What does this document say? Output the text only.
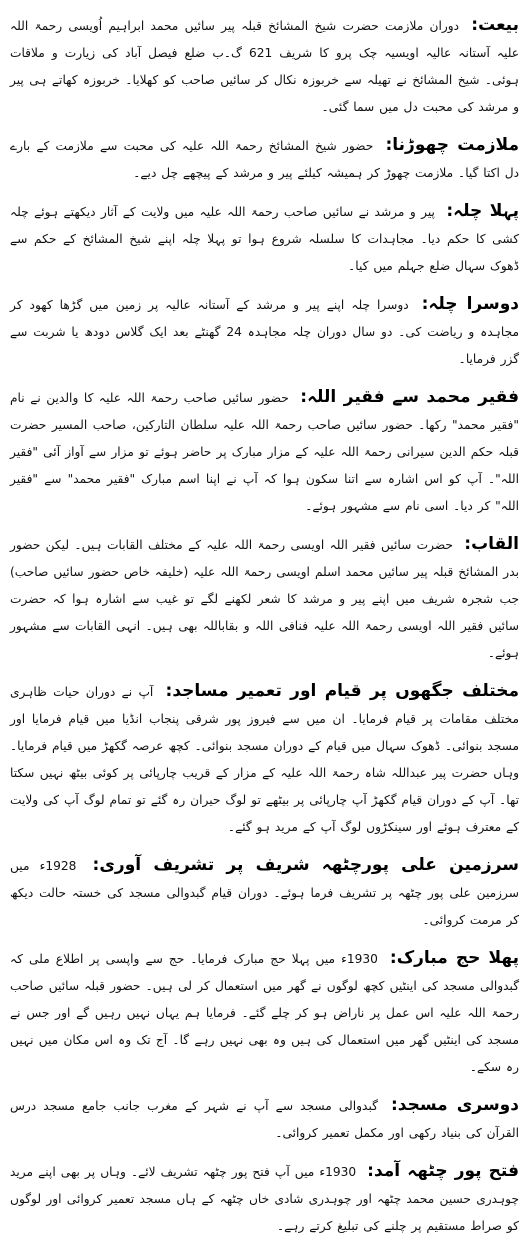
بیعت: دوران ملازمت حضرت شیخ المشائخ قبلہ پیر سائیں محمد ابراہیم اُویسی رحمۃ اللہ علیہ آستانہ عالیہ اویسیہ چک پرو کا شریف 621 گ۔ب ضلع فیصل آباد کی زیارت و ملاقات ہوئی۔ شیخ المشائخ نے تھیلہ سے خربوزہ نکال کر سائیں صاحب کو کھلایا۔ خربوزہ کھاتے ہی پیر و مرشد کی محبت دل میں سما گئی۔

ملازمت چھوڑنا: حضور شیخ المشائخ رحمۃ اللہ علیہ کی محبت سے ملازمت کے بارے دل اکتا گیا۔ ملازمت چھوڑ کر ہمیشہ کیلئے پیر و مرشد کے پیچھے چل دیے۔

پہلا چلہ: پیر و مرشد نے سائیں صاحب رحمۃ اللہ علیہ میں ولایت کے آثار دیکھتے ہوئے چلہ کشی کا حکم دیا۔ مجاہدات کا سلسلہ شروع ہوا تو پہلا چلہ اپنے شیخ المشائخ کے حکم سے ڈھوک سہال ضلع جہلم میں کیا۔

دوسرا چلہ: دوسرا چلہ اپنے پیر و مرشد کے آستانہ عالیہ پر زمین میں گڑھا کھود کر مجاہدہ و ریاضت کی۔ دو سال دوران چلہ مجاہدہ 24 گھنٹے بعد ایک گلاس دودھ یا شربت سے گزر فرمایا۔

فقیر محمد سے فقیر اللہ: حضور سائیں صاحب رحمۃ اللہ علیہ کا والدین نے نام "فقیر محمد" رکھا۔ حضور سائیں صاحب رحمۃ اللہ علیہ سلطان التارکین، صاحب المسیر حضرت قبلہ حکم الدین سیرانی رحمۃ اللہ علیہ کے مزار مبارک پر حاضر ہوئے تو مزار سے آواز آئی "فقیر اللہ"۔ آپ کو اس اشارہ سے اتنا سکون ہوا کہ آپ نے اپنا اسم مبارک "فقیر محمد" سے "فقیر اللہ" کر دیا۔ اسی نام سے مشہور ہوئے۔

القاب: حضرت سائیں فقیر اللہ اویسی رحمۃ اللہ علیہ کے مختلف القابات ہیں۔ لیکن حضور بدر المشائخ قبلہ پیر سائیں محمد اسلم اویسی رحمۃ اللہ علیہ (خلیفہ خاص حضور سائیں صاحب) جب شجرہ شریف میں اپنے پیر و مرشد کا شعر لکھنے لگے تو غیب سے اشارہ ہوا کہ حضرت سائیں فقیر اللہ اویسی رحمۃ اللہ علیہ فنافی اللہ و بقاباللہ بھی ہیں۔ انہی القابات سے مشہور ہوئے۔

مختلف جگهوں پر قیام اور تعمیر مساجد: آپ نے دوران حیات ظاہری مختلف مقامات پر قیام فرمایا۔ ان میں سے فیروز پور شرقی پنجاب انڈیا میں قیام فرمایا اور مسجد بنوائی۔ ڈھوک سہال میں قیام کے دوران مسجد بنوائی۔ کچھ عرصہ گکھڑ میں قیام فرمایا۔ وہاں حضرت پیر عبداللہ شاہ رحمۃ اللہ علیہ کے مزار کے قریب چارپائی پر کوئی بیٹھ نہیں سکتا تھا۔ آپ کے دوران قیام گکھڑ آپ چارپائی پر بیٹھے تو لوگ حیران رہ گئے تو تمام لوگ آپ کی ولایت کے معترف ہوئے اور سینکڑوں لوگ آپ کے مرید ہو گئے۔

سرزمین علی پورچٹھہ شریف پر تشریف آوری: 1928ء میں سرزمین علی پور چٹھہ پر تشریف فرما ہوئے۔ دوران قیام گبدوالی مسجد کی خستہ حالت دیکھ کر مرمت کروائی۔

پهلا حج مبارک: 1930ء میں پہلا حج مبارک فرمایا۔ حج سے واپسی پر اطلاع ملی کہ گبدوالی مسجد کی اینٹیں کچھ لوگوں نے گھر میں استعمال کر لی ہیں۔ حضور قبلہ سائیں صاحب رحمۃ اللہ علیہ اس عمل پر ناراض ہو کر چلے گئے۔ فرمایا ہم یہاں نہیں رہیں گے اور جس نے مسجد کی اینٹیں گھر میں استعمال کی ہیں وہ بھی نہیں رہے گا۔ آج تک وہ اس مکان میں نہیں رہ سکے۔

دوسری مسجد: گبدوالی مسجد سے آپ نے شہر کے مغرب جانب جامع مسجد درس القرآن کی بنیاد رکھی اور مکمل تعمیر کروائی۔

فتح پور چٹهہ آمد: 1930ء میں آپ فتح پور چٹھہ تشریف لائے۔ وہاں پر بھی اپنے مرید چوہدری حسین محمد چٹھہ اور چوہدری شادی خاں چٹھہ کے ہاں مسجد تعمیر کروائی اور لوگوں کو صراط مستقیم پر چلنے کی تبلیغ کرتے رہے۔
